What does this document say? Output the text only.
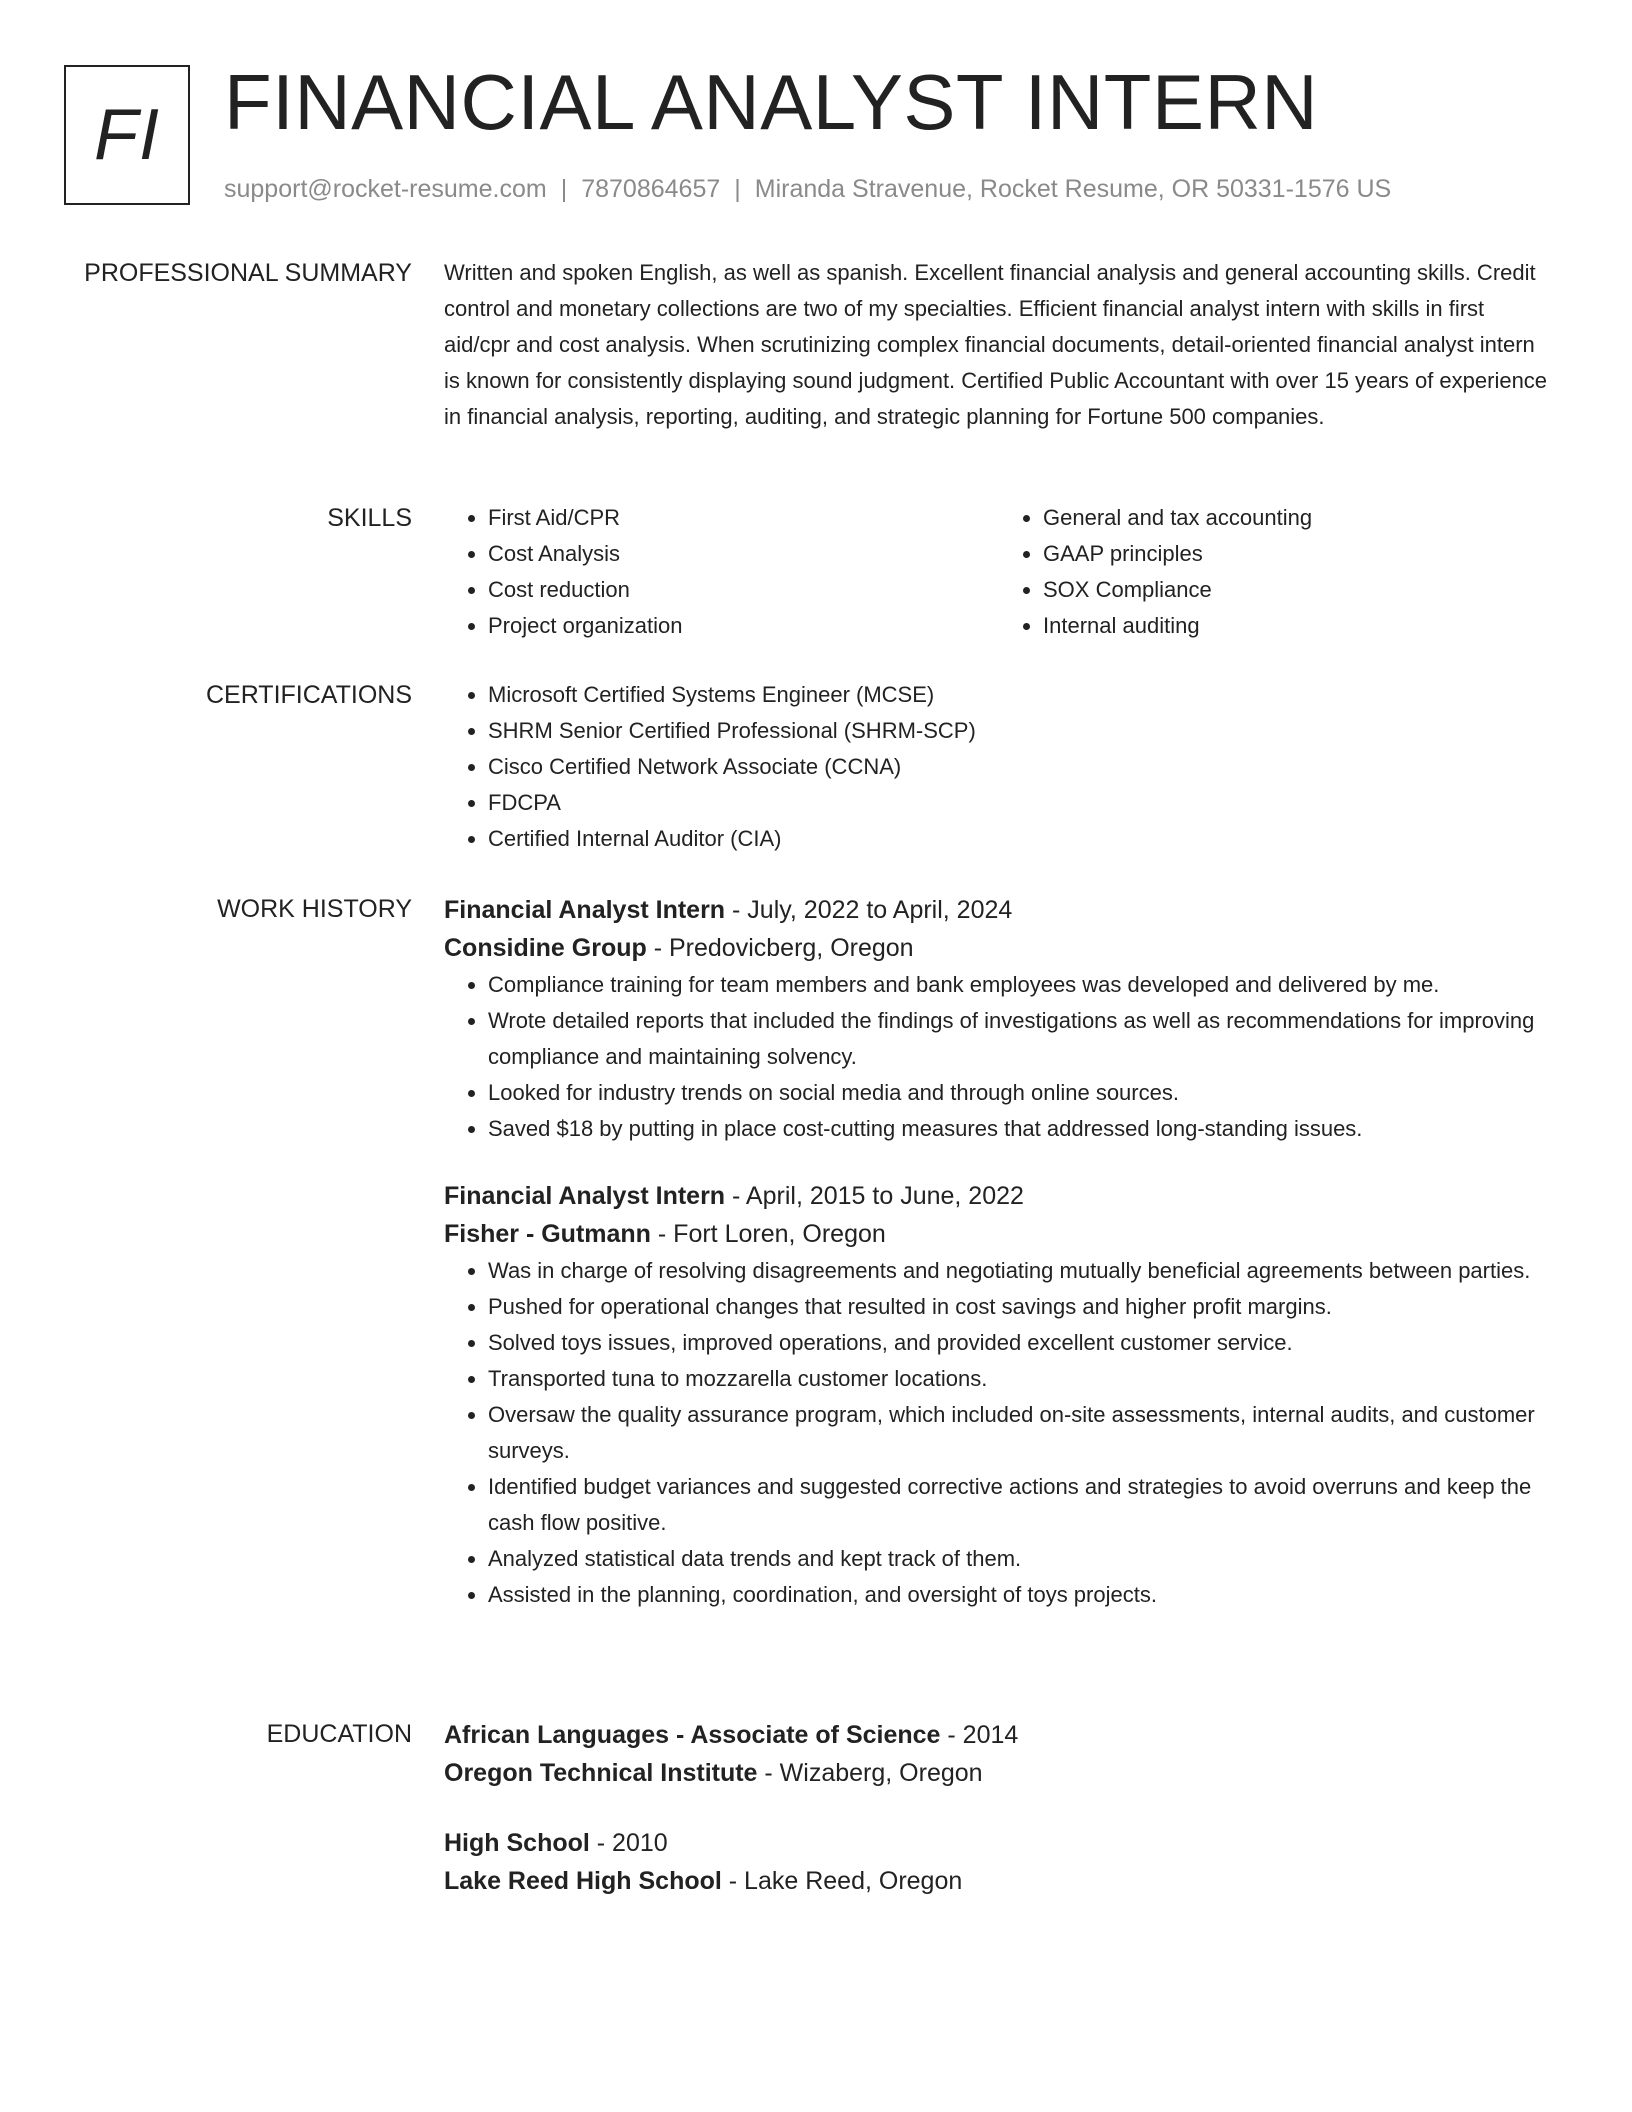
FI FINANCIAL ANALYST INTERN
support@rocket-resume.com | 7870864657 | Miranda Stravenue, Rocket Resume, OR 50331-1576 US
PROFESSIONAL SUMMARY Written and spoken English, as well as spanish. Excellent financial analysis and general accounting skills. Credit control and monetary collections are two of my specialties. Efficient financial analyst intern with skills in first aid/cpr and cost analysis. When scrutinizing complex financial documents, detail-oriented financial analyst intern is known for consistently displaying sound judgment. Certified Public Accountant with over 15 years of experience in financial analysis, reporting, auditing, and strategic planning for Fortune 500 companies.

SKILLS	• First Aid/CPR
• Cost Analysis
• Cost reduction
• Project organization
• General and tax accounting
• GAAP principles
• SOX Compliance
• Internal auditing
CERTIFICATIONS	• Microsoft Certified Systems Engineer (MCSE)
• SHRM Senior Certified Professional (SHRM-SCP)
• Cisco Certified Network Associate (CCNA)
• FDCPA
• Certified Internal Auditor (CIA)
WORK HISTORY Financial Analyst Intern - July, 2022 to April, 2024

Considine Group - Predovicberg, Oregon

• Compliance training for team members and bank employees was developed and delivered by me.
• Wrote detailed reports that included the findings of investigations as well as recommendations for improving compliance and maintaining solvency.
• Looked for industry trends on social media and through online sources.
• Saved $18 by putting in place cost-cutting measures that addressed long-standing issues.

Financial Analyst Intern - April, 2015 to June, 2022

Fisher - Gutmann - Fort Loren, Oregon

• Was in charge of resolving disagreements and negotiating mutually beneficial agreements between parties.
• Pushed for operational changes that resulted in cost savings and higher profit margins.
• Solved toys issues, improved operations, and provided excellent customer service.
• Transported tuna to mozzarella customer locations.
• Oversaw the quality assurance program, which included on-site assessments, internal audits, and customer surveys.
• Identified budget variances and suggested corrective actions and strategies to avoid overruns and keep the cash flow positive.
• Analyzed statistical data trends and kept track of them.
• Assisted in the planning, coordination, and oversight of toys projects.
EDUCATION African Languages - Associate of Science - 2014

Oregon Technical Institute - Wizaberg, Oregon

High School - 2010

Lake Reed High School - Lake Reed, Oregon
